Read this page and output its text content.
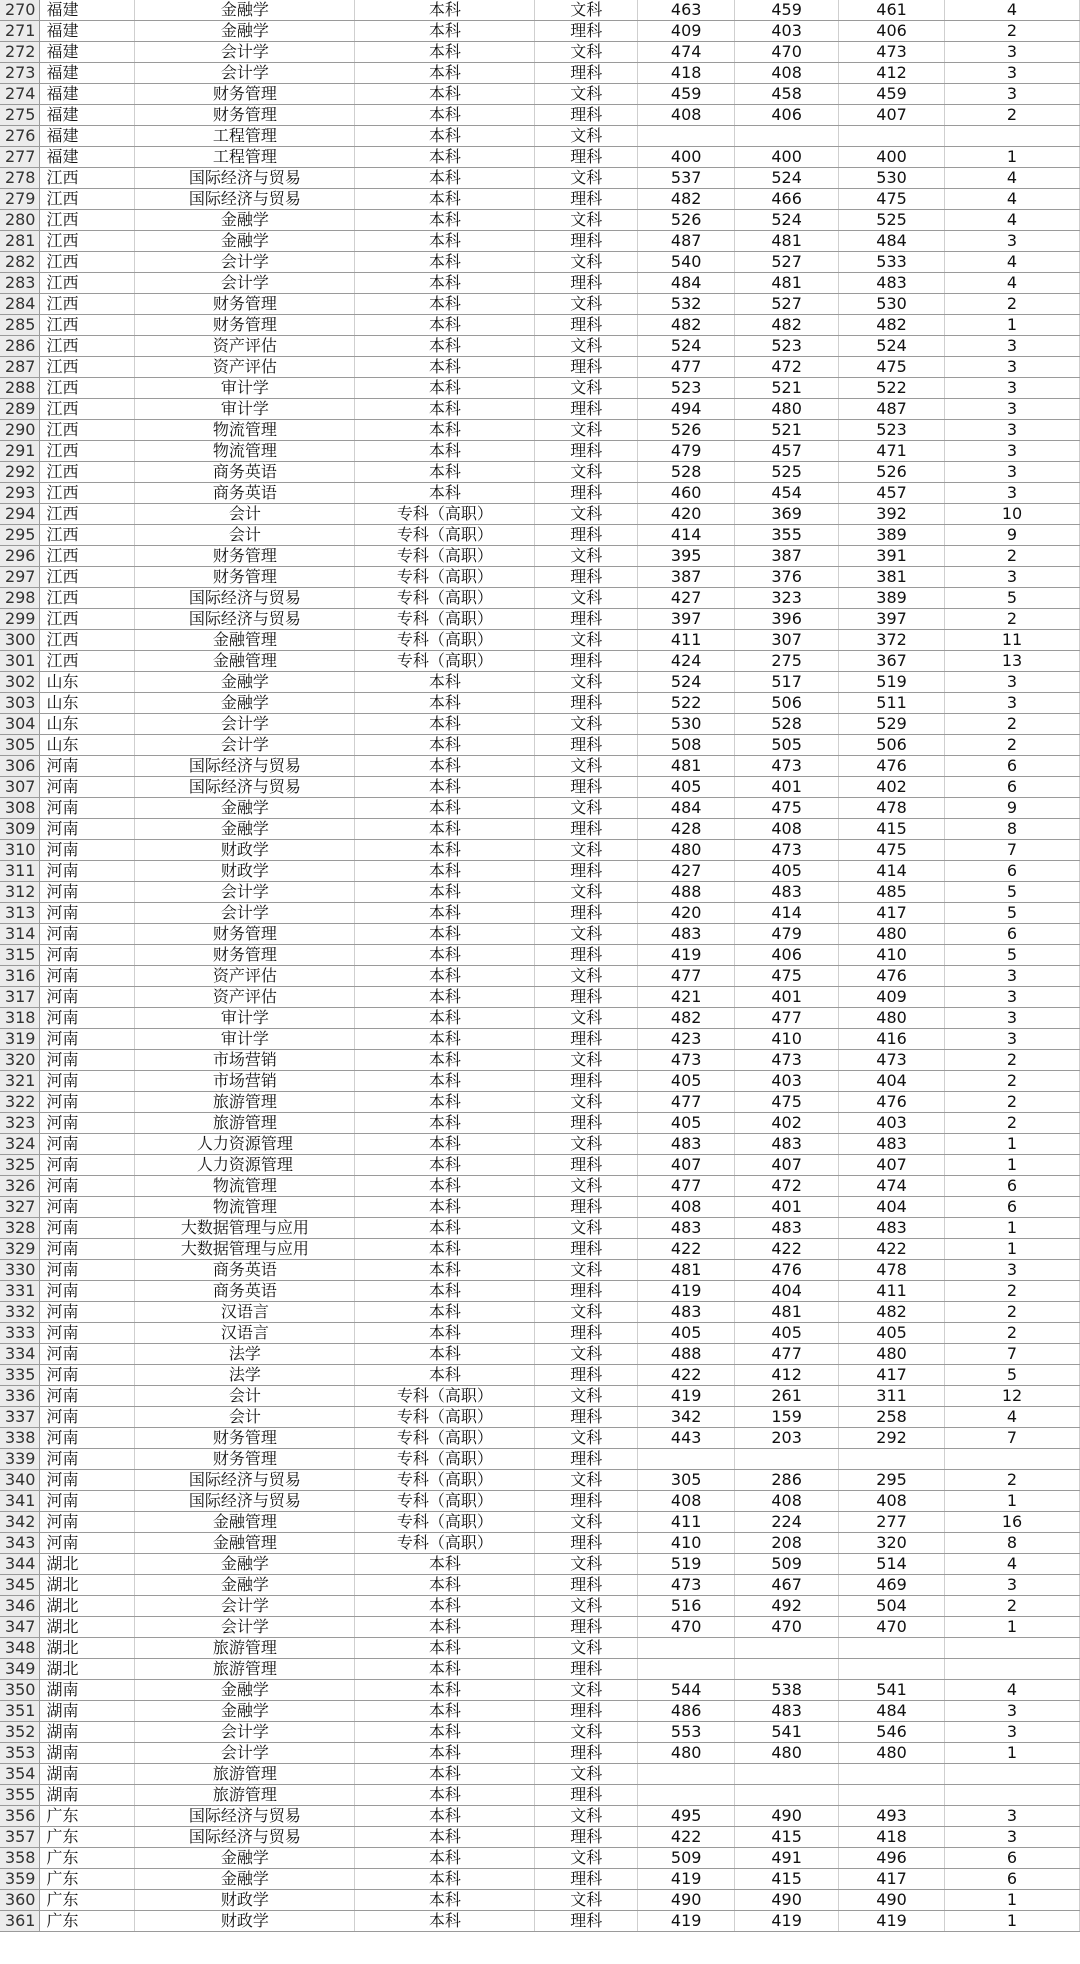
270	福建	金融学	本科	文科	463	459	461	4
271	福建	金融学	本科	理科	409	403	406	2
272	福建	会计学	本科	文科	474	470	473	3
273	福建	会计学	本科	理科	418	408	412	3
274	福建	财务管理	本科	文科	459	458	459	3
275	福建	财务管理	本科	理科	408	406	407	2
276	福建	工程管理	本科	文科				
277	福建	工程管理	本科	理科	400	400	400	1
278	江西	国际经济与贸易	本科	文科	537	524	530	4
279	江西	国际经济与贸易	本科	理科	482	466	475	4
280	江西	金融学	本科	文科	526	524	525	4
281	江西	金融学	本科	理科	487	481	484	3
282	江西	会计学	本科	文科	540	527	533	4
283	江西	会计学	本科	理科	484	481	483	4
284	江西	财务管理	本科	文科	532	527	530	2
285	江西	财务管理	本科	理科	482	482	482	1
286	江西	资产评估	本科	文科	524	523	524	3
287	江西	资产评估	本科	理科	477	472	475	3
288	江西	审计学	本科	文科	523	521	522	3
289	江西	审计学	本科	理科	494	480	487	3
290	江西	物流管理	本科	文科	526	521	523	3
291	江西	物流管理	本科	理科	479	457	471	3
292	江西	商务英语	本科	文科	528	525	526	3
293	江西	商务英语	本科	理科	460	454	457	3
294	江西	会计	专科（高职）	文科	420	369	392	10
295	江西	会计	专科（高职）	理科	414	355	389	9
296	江西	财务管理	专科（高职）	文科	395	387	391	2
297	江西	财务管理	专科（高职）	理科	387	376	381	3
298	江西	国际经济与贸易	专科（高职）	文科	427	323	389	5
299	江西	国际经济与贸易	专科（高职）	理科	397	396	397	2
300	江西	金融管理	专科（高职）	文科	411	307	372	11
301	江西	金融管理	专科（高职）	理科	424	275	367	13
302	山东	金融学	本科	文科	524	517	519	3
303	山东	金融学	本科	理科	522	506	511	3
304	山东	会计学	本科	文科	530	528	529	2
305	山东	会计学	本科	理科	508	505	506	2
306	河南	国际经济与贸易	本科	文科	481	473	476	6
307	河南	国际经济与贸易	本科	理科	405	401	402	6
308	河南	金融学	本科	文科	484	475	478	9
309	河南	金融学	本科	理科	428	408	415	8
310	河南	财政学	本科	文科	480	473	475	7
311	河南	财政学	本科	理科	427	405	414	6
312	河南	会计学	本科	文科	488	483	485	5
313	河南	会计学	本科	理科	420	414	417	5
314	河南	财务管理	本科	文科	483	479	480	6
315	河南	财务管理	本科	理科	419	406	410	5
316	河南	资产评估	本科	文科	477	475	476	3
317	河南	资产评估	本科	理科	421	401	409	3
318	河南	审计学	本科	文科	482	477	480	3
319	河南	审计学	本科	理科	423	410	416	3
320	河南	市场营销	本科	文科	473	473	473	2
321	河南	市场营销	本科	理科	405	403	404	2
322	河南	旅游管理	本科	文科	477	475	476	2
323	河南	旅游管理	本科	理科	405	402	403	2
324	河南	人力资源管理	本科	文科	483	483	483	1
325	河南	人力资源管理	本科	理科	407	407	407	1
326	河南	物流管理	本科	文科	477	472	474	6
327	河南	物流管理	本科	理科	408	401	404	6
328	河南	大数据管理与应用	本科	文科	483	483	483	1
329	河南	大数据管理与应用	本科	理科	422	422	422	1
330	河南	商务英语	本科	文科	481	476	478	3
331	河南	商务英语	本科	理科	419	404	411	2
332	河南	汉语言	本科	文科	483	481	482	2
333	河南	汉语言	本科	理科	405	405	405	2
334	河南	法学	本科	文科	488	477	480	7
335	河南	法学	本科	理科	422	412	417	5
336	河南	会计	专科（高职）	文科	419	261	311	12
337	河南	会计	专科（高职）	理科	342	159	258	4
338	河南	财务管理	专科（高职）	文科	443	203	292	7
339	河南	财务管理	专科（高职）	理科				
340	河南	国际经济与贸易	专科（高职）	文科	305	286	295	2
341	河南	国际经济与贸易	专科（高职）	理科	408	408	408	1
342	河南	金融管理	专科（高职）	文科	411	224	277	16
343	河南	金融管理	专科（高职）	理科	410	208	320	8
344	湖北	金融学	本科	文科	519	509	514	4
345	湖北	金融学	本科	理科	473	467	469	3
346	湖北	会计学	本科	文科	516	492	504	2
347	湖北	会计学	本科	理科	470	470	470	1
348	湖北	旅游管理	本科	文科				
349	湖北	旅游管理	本科	理科				
350	湖南	金融学	本科	文科	544	538	541	4
351	湖南	金融学	本科	理科	486	483	484	3
352	湖南	会计学	本科	文科	553	541	546	3
353	湖南	会计学	本科	理科	480	480	480	1
354	湖南	旅游管理	本科	文科				
355	湖南	旅游管理	本科	理科				
356	广东	国际经济与贸易	本科	文科	495	490	493	3
357	广东	国际经济与贸易	本科	理科	422	415	418	3
358	广东	金融学	本科	文科	509	491	496	6
359	广东	金融学	本科	理科	419	415	417	6
360	广东	财政学	本科	文科	490	490	490	1
361	广东	财政学	本科	理科	419	419	419	1
